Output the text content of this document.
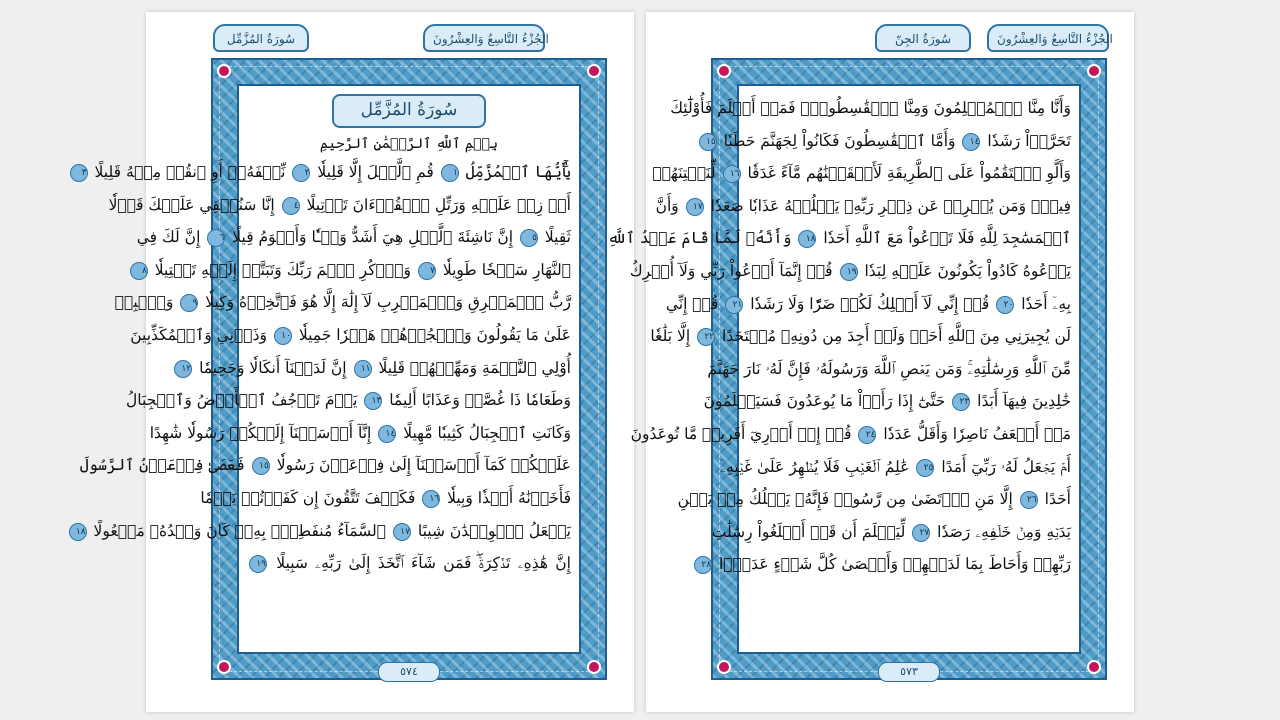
سُورَةُ المُزَّمِّل	الجُزْءُ التَّاسِعُ وَالعِشْرُونَ
سُورَةُ المُزَّمِّل
بِسۡمِ ٱللَّهِ ٱلرَّحۡمَٰنِ ٱلرَّحِيمِ
يَٰٓأَيُّهَا ٱلۡمُزَّمِّلُ ١ قُمِ ٱلَّيۡلَ إِلَّا قَلِيلٗا ٢ نِّصۡفَهُۥٓ أَوِ ٱنقُصۡ مِنۡهُ قَلِيلًا ٣
أَوۡ زِدۡ عَلَيۡهِ وَرَتِّلِ ٱلۡقُرۡءَانَ تَرۡتِيلًا ٤ إِنَّا سَنُلۡقِي عَلَيۡكَ قَوۡلٗا
ثَقِيلًا ٥ إِنَّ نَاشِئَةَ ٱلَّيۡلِ هِيَ أَشَدُّ وَطۡـٔٗا وَأَقۡوَمُ قِيلًا ٦ إِنَّ لَكَ فِي
ٱلنَّهَارِ سَبۡحٗا طَوِيلٗا ٧ وَٱذۡكُرِ ٱسۡمَ رَبِّكَ وَتَبَتَّلۡ إِلَيۡهِ تَبۡتِيلٗا ٨
رَّبُّ ٱلۡمَشۡرِقِ وَٱلۡمَغۡرِبِ لَآ إِلَٰهَ إِلَّا هُوَ فَٱتَّخِذۡهُ وَكِيلٗا ٩ وَٱصۡبِرۡ
عَلَىٰ مَا يَقُولُونَ وَٱهۡجُرۡهُمۡ هَجۡرٗا جَمِيلٗا ١٠ وَذَرۡنِي وَٱلۡمُكَذِّبِينَ
أُوْلِي ٱلنَّعۡمَةِ وَمَهِّلۡهُمۡ قَلِيلًا ١١ إِنَّ لَدَيۡنَآ أَنكَالٗا وَجَحِيمٗا ١٢
وَطَعَامٗا ذَا غُصَّةٖ وَعَذَابًا أَلِيمٗا ١٣ يَوۡمَ تَرۡجُفُ ٱلۡأَرۡضُ وَٱلۡجِبَالُ
وَكَانَتِ ٱلۡجِبَالُ كَثِيبٗا مَّهِيلًا ١٤ إِنَّآ أَرۡسَلۡنَآ إِلَيۡكُمۡ رَسُولٗا شَٰهِدًا
عَلَيۡكُمۡ كَمَآ أَرۡسَلۡنَآ إِلَىٰ فِرۡعَوۡنَ رَسُولٗا ١٥ فَعَصَىٰ فِرۡعَوۡنُ ٱلرَّسُولَ
فَأَخَذۡنَٰهُ أَخۡذٗا وَبِيلٗا ١٦ فَكَيۡفَ تَتَّقُونَ إِن كَفَرۡتُمۡ يَوۡمٗا
يَجۡعَلُ ٱلۡوِلۡدَٰنَ شِيبًا ١٧ ٱلسَّمَآءُ مُنفَطِرُۢ بِهِۦۚ كَانَ وَعۡدُهُۥ مَفۡعُولًا ١٨
إِنَّ هَٰذِهِۦ تَذۡكِرَةٞۖ فَمَن شَآءَ ٱتَّخَذَ إِلَىٰ رَبِّهِۦ سَبِيلًا ١٩
٥٧٤
الجُزْءُ التَّاسِعُ وَالعِشْرُونَ
سُورَةُ الجِنّ
وَأَنَّا مِنَّا ٱلۡمُسۡلِمُونَ وَمِنَّا ٱلۡقَٰسِطُونَۖ فَمَنۡ أَسۡلَمَ فَأُوْلَٰٓئِكَ
تَحَرَّوۡاْ رَشَدٗا ١٤ وَأَمَّا ٱلۡقَٰسِطُونَ فَكَانُواْ لِجَهَنَّمَ حَطَبٗا ١٥
وَأَلَّوِ ٱسۡتَقَٰمُواْ عَلَى ٱلطَّرِيقَةِ لَأَسۡقَيۡنَٰهُم مَّآءً غَدَقٗا ١٦ لِّنَفۡتِنَهُمۡ
فِيهِۚ وَمَن يُعۡرِضۡ عَن ذِكۡرِ رَبِّهِۦ يَسۡلُكۡهُ عَذَابٗا صَعَدٗا ١٧ وَأَنَّ
ٱلۡمَسَٰجِدَ لِلَّهِ فَلَا تَدۡعُواْ مَعَ ٱللَّهِ أَحَدٗا ١٨ وَأَنَّهُۥ لَمَّا قَامَ عَبۡدُ ٱللَّهِ
يَدۡعُوهُ كَادُواْ يَكُونُونَ عَلَيۡهِ لِبَدٗا ١٩ قُلۡ إِنَّمَآ أَدۡعُواْ رَبِّي وَلَآ أُشۡرِكُ
بِهِۦٓ أَحَدٗا ٢٠ قُلۡ إِنِّي لَآ أَمۡلِكُ لَكُمۡ ضَرّٗا وَلَا رَشَدٗا ٢١ قُلۡ إِنِّي
لَن يُجِيرَنِي مِنَ ٱللَّهِ أَحَدٞ وَلَنۡ أَجِدَ مِن دُونِهِۦ مُلۡتَحَدًا ٢٢ إِلَّا بَلَٰغٗا
مِّنَ ٱللَّهِ وَرِسَٰلَٰتِهِۦۚ وَمَن يَعۡصِ ٱللَّهَ وَرَسُولَهُۥ فَإِنَّ لَهُۥ نَارَ جَهَنَّمَ
خَٰلِدِينَ فِيهَآ أَبَدًا ٢٣ حَتَّىٰٓ إِذَا رَأَوۡاْ مَا يُوعَدُونَ فَسَيَعۡلَمُونَ
مَنۡ أَضۡعَفُ نَاصِرٗا وَأَقَلُّ عَدَدٗا ٢٤ قُلۡ إِنۡ أَدۡرِيٓ أَقَرِيبٞ مَّا تُوعَدُونَ
أَمۡ يَجۡعَلُ لَهُۥ رَبِّيٓ أَمَدًا ٢٥ عَٰلِمُ ٱلۡغَيۡبِ فَلَا يُظۡهِرُ عَلَىٰ غَيۡبِهِۦٓ
أَحَدًا ٢٦ إِلَّا مَنِ ٱرۡتَضَىٰ مِن رَّسُولٖ فَإِنَّهُۥ يَسۡلُكُ مِنۢ بَيۡنِ
يَدَيۡهِ وَمِنۡ خَلۡفِهِۦ رَصَدٗا ٢٧ لِّيَعۡلَمَ أَن قَدۡ أَبۡلَغُواْ رِسَٰلَٰتِ
رَبِّهِمۡ وَأَحَاطَ بِمَا لَدَيۡهِمۡ وَأَحۡصَىٰ كُلَّ شَيۡءٍ عَدَدَۢا ٢٨
٥٧٣
